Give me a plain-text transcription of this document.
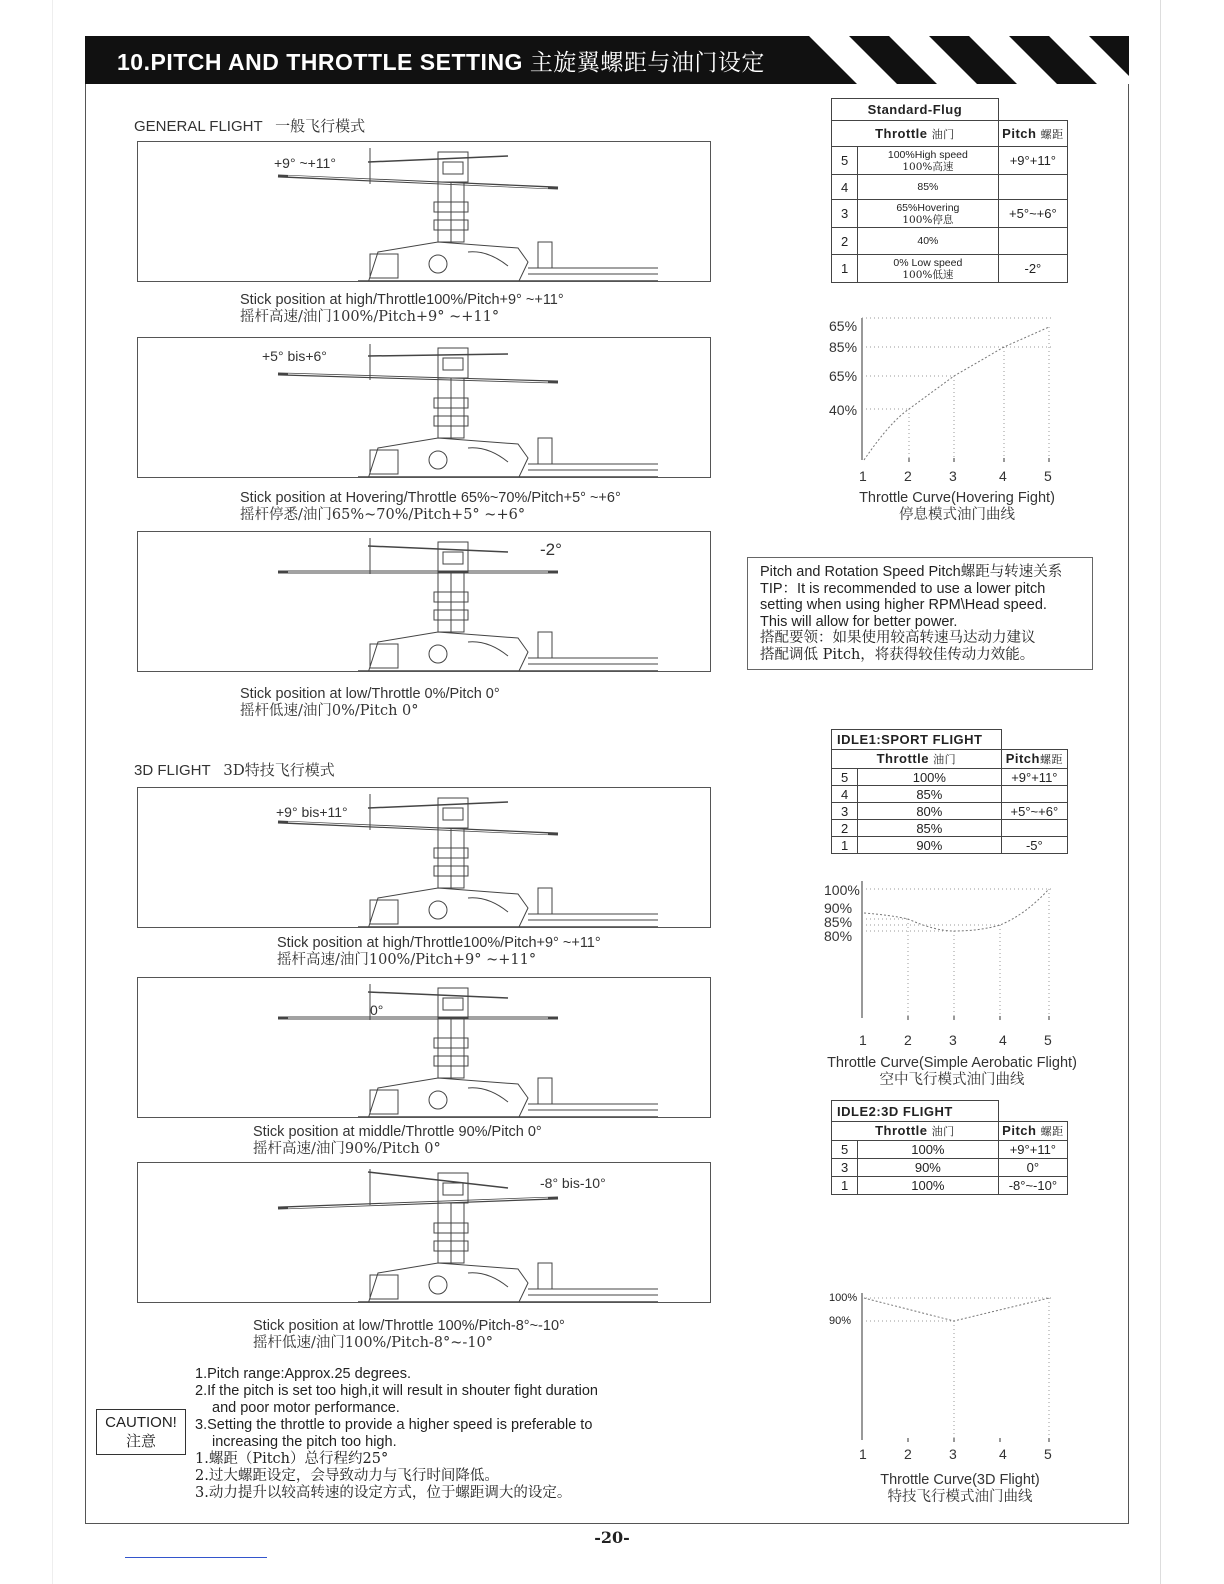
10.PITCH AND THROTTLE SETTING 主旋翼螺距与油门设定
GENERAL FLIGHT 一般飞行模式
3D FLIGHT 3D特技飞行模式
+9° ~+11°
Stick position at high/Throttle100%/Pitch+9° ~+11°
摇杆高速/油门100%/Pitch+9° ~+11°
+5° bis+6°
Stick position at Hovering/Throttle 65%~70%/Pitch+5° ~+6°
摇杆停悉/油门65%~70%/Pitch+5° ~+6°
-2°
Stick position at low/Throttle 0%/Pitch 0°
摇杆低速/油门0%/Pitch 0°
+9° bis+11°
Stick position at high/Throttle100%/Pitch+9° ~+11°
摇杆高速/油门100%/Pitch+9° ~+11°
0°
Stick position at middle/Throttle 90%/Pitch 0°
摇杆高速/油门90%/Pitch 0°
-8° bis-10°
Stick position at low/Throttle 100%/Pitch-8°~-10°
摇杆低速/油门100%/Pitch-8°~-10°
Standard-Flug		
Throttle 油门		Pitch 螺距
5	100%High speed
100%高速	+9°+11°
4	85%	
3	65%Hovering
100%停息	+5°~+6°
2	40%	
1	0% Low speed
100%低速	-2°
65%
85%
65%
40%
1	2	3	4	5
Throttle Curve(Hovering Fight)
停息模式油门曲线
Pitch and Rotation Speed Pitch螺距与转速关系
TIP：It is recommended to use a lower pitch
setting when using higher RPM\Head speed.
This will allow for better power.
搭配要领：如果使用较高转速马达动力建议
搭配调低 Pitch，将获得较佳传动力效能。
IDLE1:SPORT FLIGHT		
Throttle 油门		Pitch螺距
5	100%	+9°+11°
4	85%	
3	80%	+5°~+6°
2	85%	
1	90%	-5°
100%
90%
85%
80%
1	2	3	4	5
Throttle Curve(Simple Aerobatic Flight)
空中飞行模式油门曲线
IDLE2:3D FLIGHT		
Throttle 油门		Pitch 螺距
5	100%	+9°+11°
3	90%	0°
1	100%	-8°~-10°
100%
90%
1	2	3	4	5
Throttle Curve(3D Flight)
特技飞行模式油门曲线
CAUTION!
注意
1.Pitch range:Approx.25 degrees.
2.If the pitch is set too high,it will result in shouter fight duration
and poor motor performance.
3.Setting the throttle to provide a higher speed is preferable to
increasing the pitch too high.
1.螺距（Pitch）总行程约25°
2.过大螺距设定，会导致动力与飞行时间降低。
3.动力提升以较高转速的设定方式，位于螺距调大的设定。
-20-
